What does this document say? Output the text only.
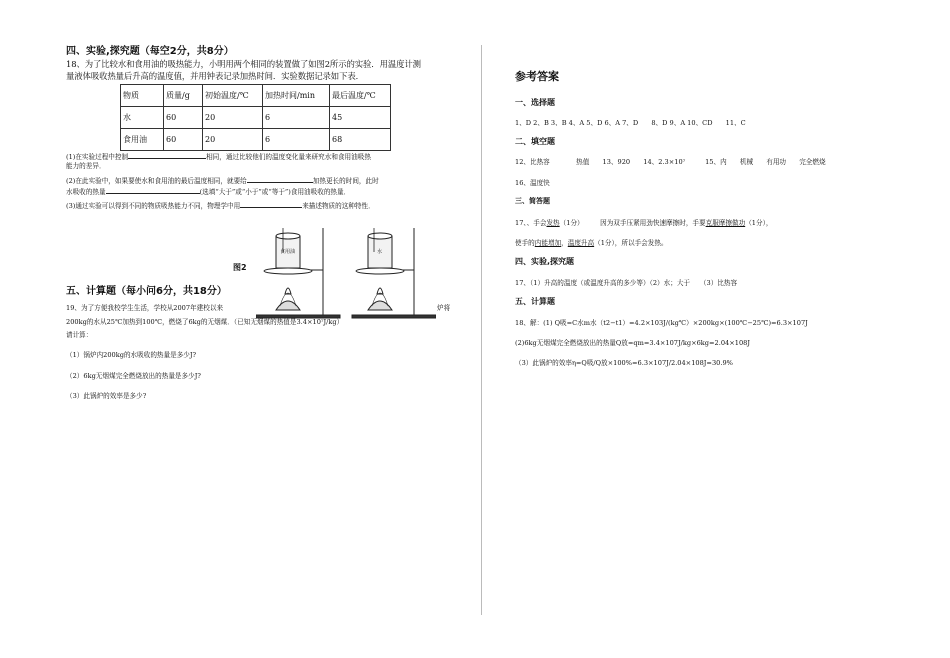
四、实验,探究题（每空2分，共8分）
18、为了比较水和食用油的吸热能力，小明用两个相同的装置做了如图2所示的实验．用温度计测
量液体吸收热量后升高的温度值，并用钟表记录加热时间．实验数据记录如下表．
物质	质量/g	初始温度/℃	加热时间/min	最后温度/℃
水	60	20	6	45
食用油	60	20	6	68
(1)在实验过程中控制	相同，通过比较他们的温度变化量来研究水和食用油吸热
能力的差异．
(2)在此实验中，如果要使水和食用油的最后温度相同，就要给	加热更长的时间，此时
水吸收的热量	(选填“大于”或“小于”或“等于”)食用油吸收的热量．
(3)通过实验可以得到不同的物质吸热能力不同，物理学中用	来描述物质的这种特性．
食用油	水
图2
五、计算题（每小问6分，共18分）
19、为了方便我校学生生活，学校从2007年建校以来	炉将
200kg的水从25℃加热到100℃，燃烧了6kg的无烟煤．（已知无烟煤的热值是3.4×10⁷J/kg）
请计算：
（1）锅炉内200kg的水吸收的热量是多少J?
（2）6kg无烟煤完全燃烧放出的热量是多少J?
（3）此锅炉的效率是多少?
参考答案
一、选择题
1、D 2、B 3、B 4、A 5、D 6、A 7、D　　8、D 9、A 10、CD　　11、C
二、填空题
12、比热容　　　　热值　　13、920　　14、2.3×10⁷　　　15、内　　机械　　有用功　　完全燃烧
16、温度快
三、简答题
17、、手会发热（1分）　　　因为双手压紧用劲快速摩擦时，手要克服摩擦做功（1分），
使手的内能增加，温度升高（1分），所以手会发热。
四、实验,探究题
17、（1）升高的温度（或温度升高的多少等）（2）水；大于　　（3）比热容
五、计算题
18、解：(1) Q吸=C水m水（t2−t1）=4.2×103J/(kg℃）×200kg×(100℃−25℃)=6.3×107J
(2)6kg无烟煤完全燃烧放出的热量Q放=qm=3.4×107J/kg×6kg=2.04×108J
（3）此锅炉的效率η=Q吸/Q放×100%=6.3×107J/2.04×108J=30.9%
